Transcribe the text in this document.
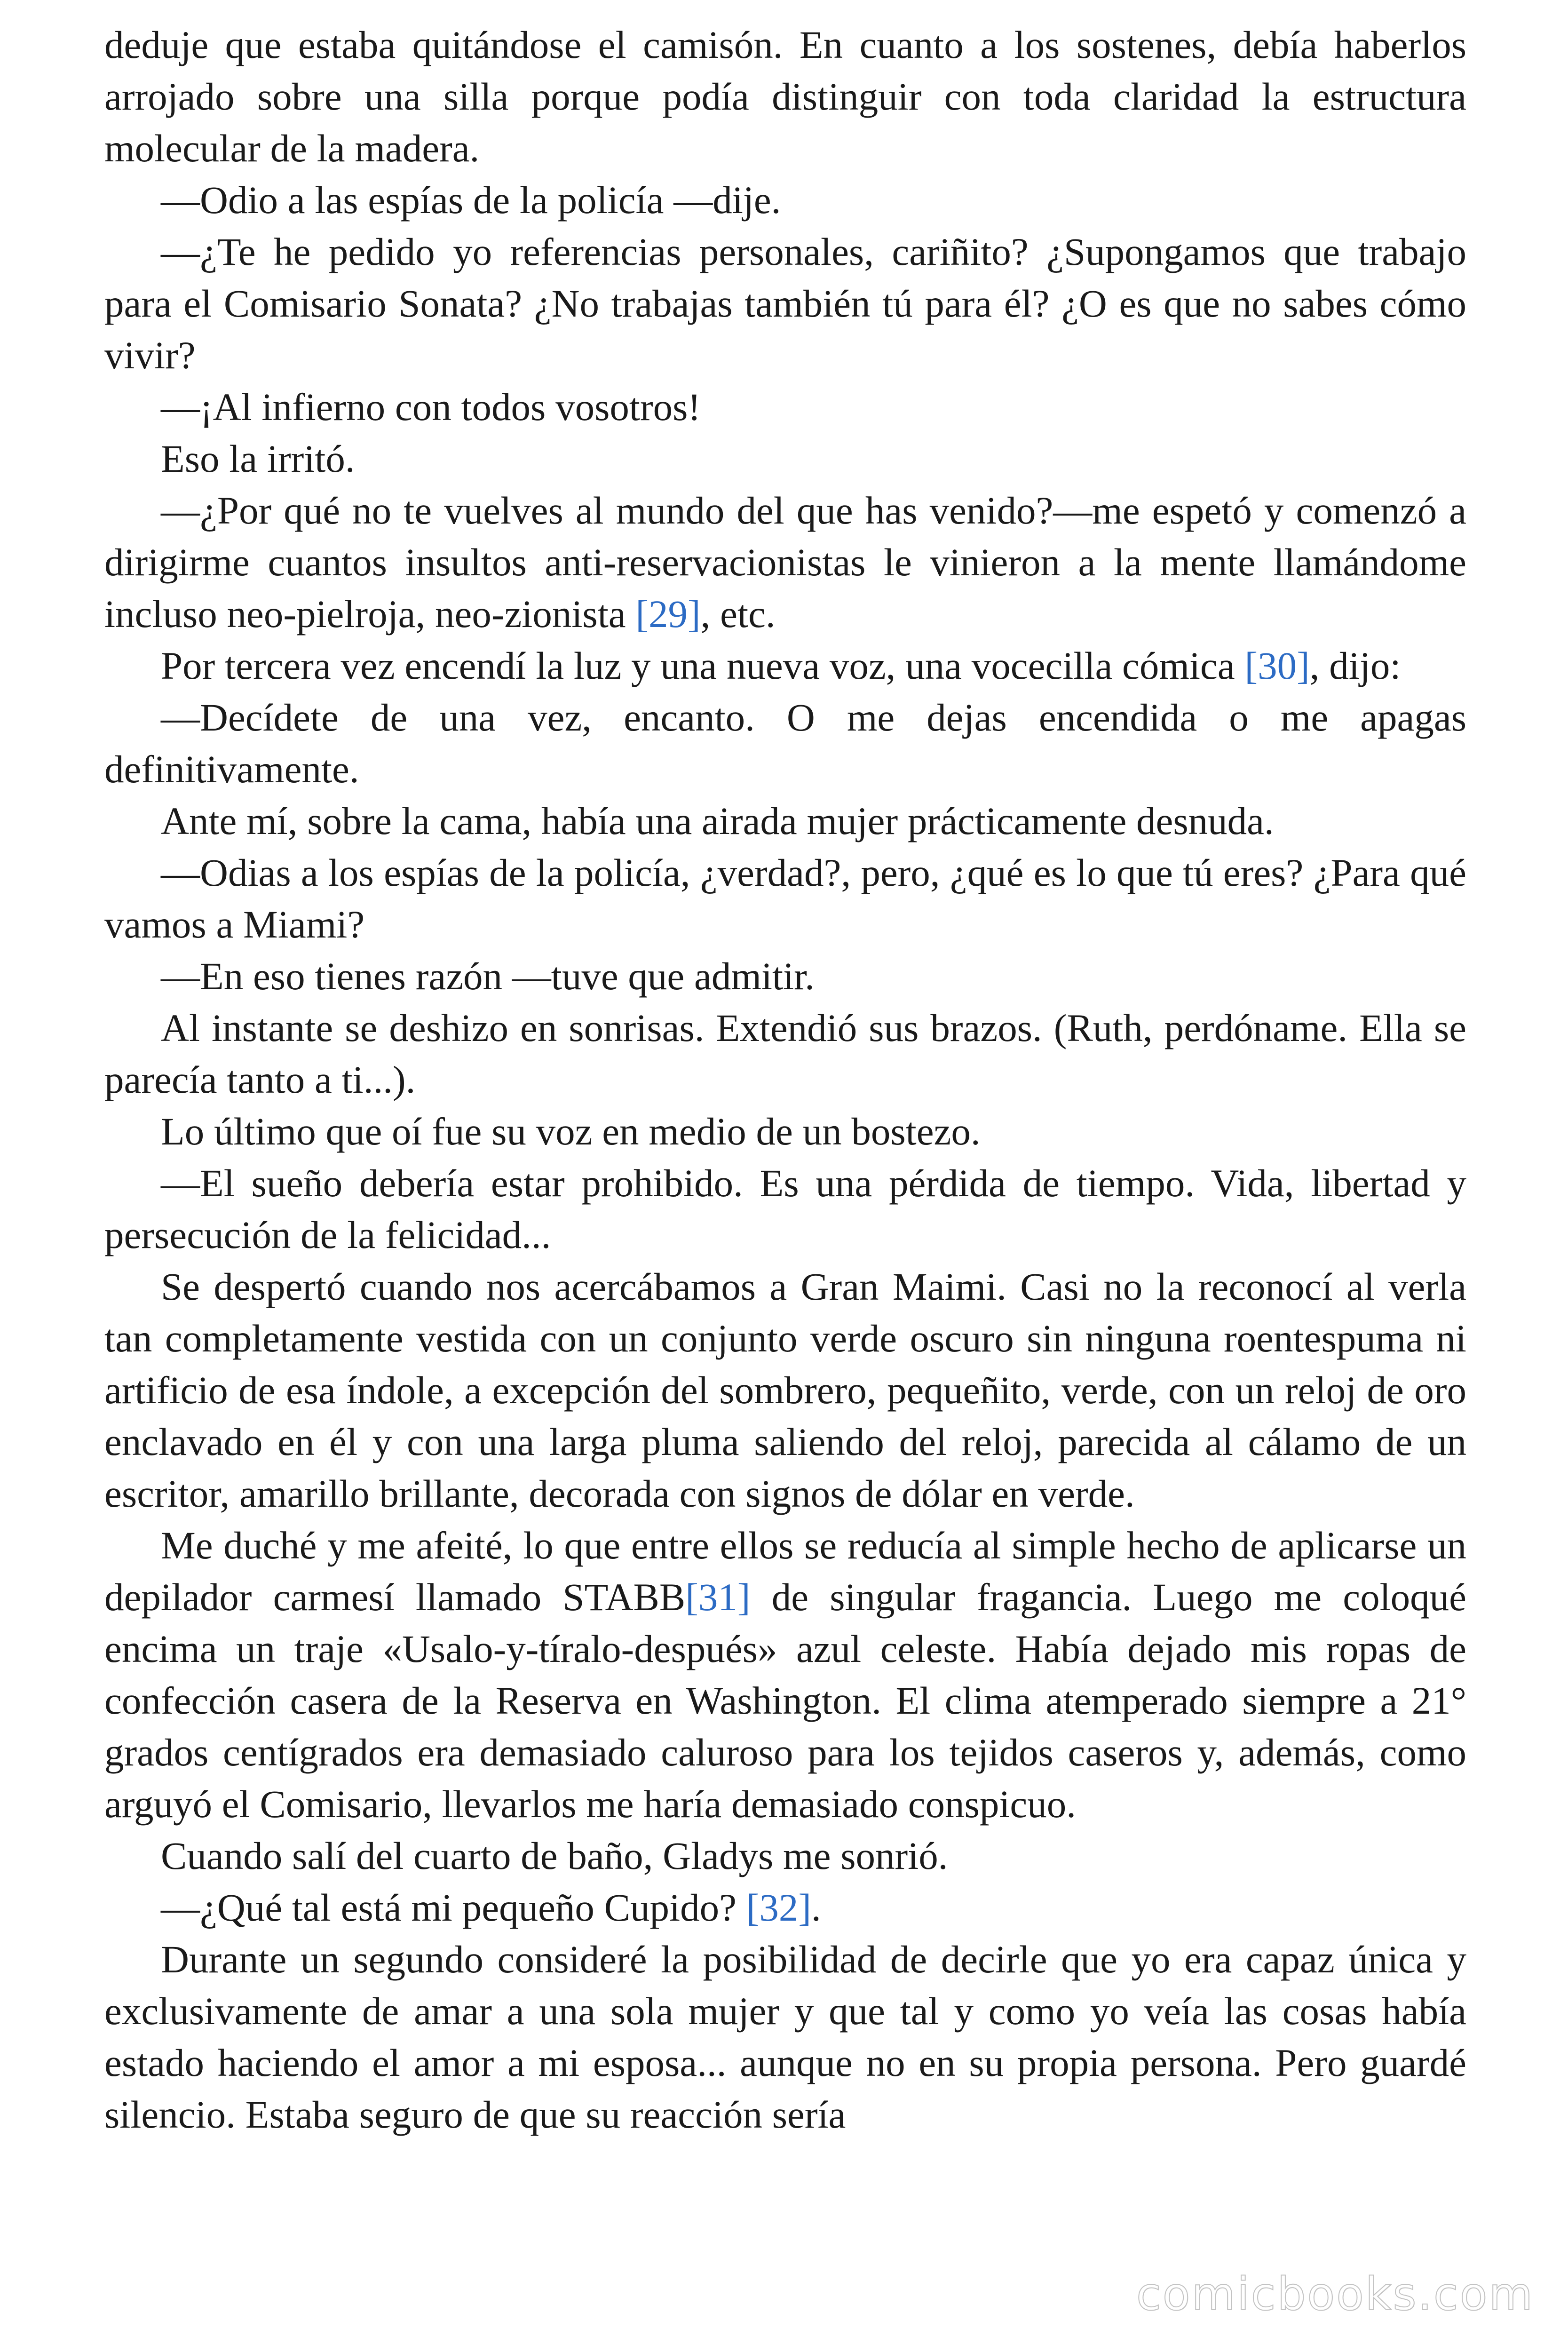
deduje que estaba quitándose el camisón. En cuanto a los sostenes, debía haberlos arrojado sobre una silla porque podía distinguir con toda claridad la estructura molecular de la madera.

—Odio a las espías de la policía —dije.

—¿Te he pedido yo referencias personales, cariñito? ¿Supongamos que trabajo para el Comisario Sonata? ¿No trabajas también tú para él? ¿O es que no sabes cómo vivir?

—¡Al infierno con todos vosotros!

Eso la irritó.

—¿Por qué no te vuelves al mundo del que has venido?—me espetó y comenzó a dirigirme cuantos insultos anti-reservacionistas le vinieron a la mente llamándome incluso neo-pielroja, neo-zionista [29], etc.

Por tercera vez encendí la luz y una nueva voz, una vocecilla cómica [30], dijo:

—Decídete de una vez, encanto. O me dejas encendida o me apagas definitivamente.

Ante mí, sobre la cama, había una airada mujer prácticamente desnuda.

—Odias a los espías de la policía, ¿verdad?, pero, ¿qué es lo que tú eres? ¿Para qué vamos a Miami?

—En eso tienes razón —tuve que admitir.

Al instante se deshizo en sonrisas. Extendió sus brazos. (Ruth, perdóname. Ella se parecía tanto a ti...).

Lo último que oí fue su voz en medio de un bostezo.

—El sueño debería estar prohibido. Es una pérdida de tiempo. Vida, libertad y persecución de la felicidad...

Se despertó cuando nos acercábamos a Gran Maimi. Casi no la reconocí al verla tan completamente vestida con un conjunto verde oscuro sin ninguna roentespuma ni artificio de esa índole, a excepción del sombrero, pequeñito, verde, con un reloj de oro enclavado en él y con una larga pluma saliendo del reloj, parecida al cálamo de un escritor, amarillo brillante, decorada con signos de dólar en verde.

Me duché y me afeité, lo que entre ellos se reducía al simple hecho de aplicarse un depilador carmesí llamado STABB[31] de singular fragancia. Luego me coloqué encima un traje «Usalo-y-tíralo-después» azul celeste. Había dejado mis ropas de confección casera de la Reserva en Washington. El clima atemperado siempre a 21° grados centígrados era demasiado caluroso para los tejidos caseros y, además, como arguyó el Comisario, llevarlos me haría demasiado conspicuo.

Cuando salí del cuarto de baño, Gladys me sonrió.

—¿Qué tal está mi pequeño Cupido? [32].

Durante un segundo consideré la posibilidad de decirle que yo era capaz única y exclusivamente de amar a una sola mujer y que tal y como yo veía las cosas había estado haciendo el amor a mi esposa... aunque no en su propia persona. Pero guardé silencio. Estaba seguro de que su reacción sería

comicbooks.com
